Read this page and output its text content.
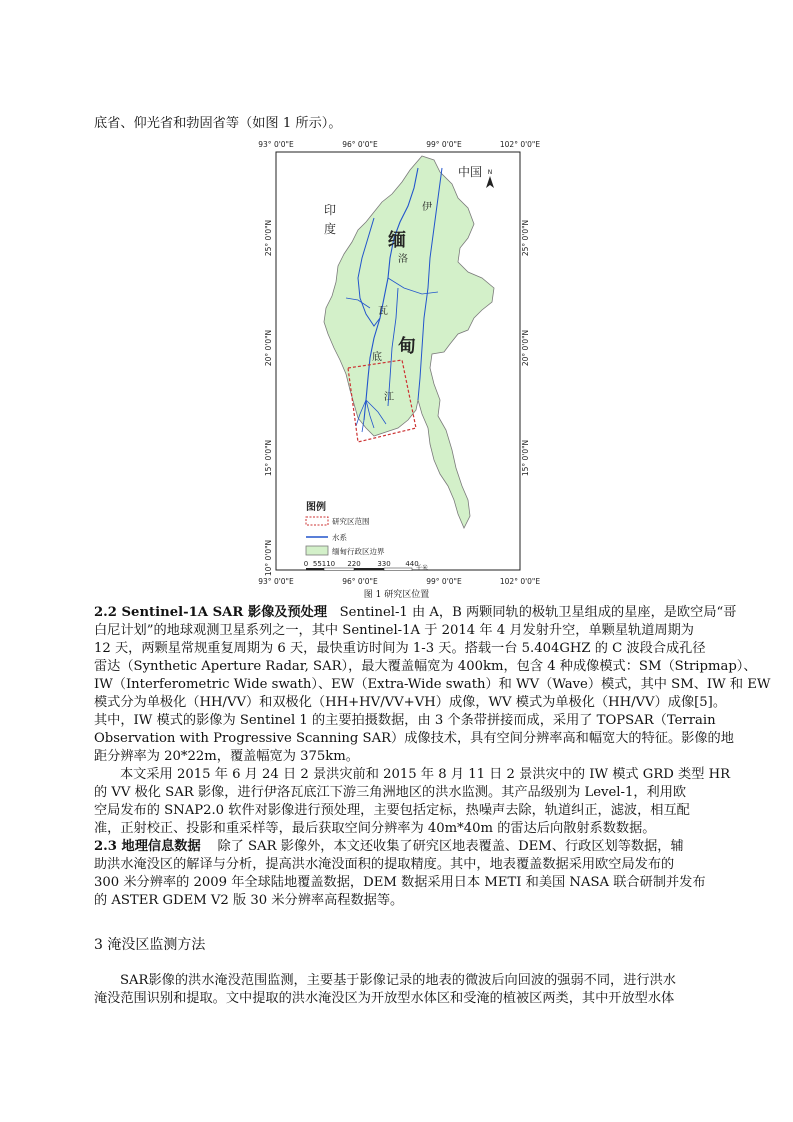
底省、仰光省和勃固省等（如图 1 所示）。
93° 0'0"E	96° 0'0"E	99° 0'0"E	102° 0'0"E
93° 0'0"E	96° 0'0"E	99° 0'0"E	102° 0'0"E
25° 0'0"N
20° 0'0"N
15° 0'0"N
10° 0'0"N
25° 0'0"N
20° 0'0"N
15° 0'0"N
中国
印
度
缅
甸
伊
洛
瓦
底
江
N
图例
研究区范围
水系
缅甸行政区边界
0 55110 220 330 440
千米
图 1 研究区位置
2.2 Sentinel-1A SAR 影像及预处理 Sentinel-1 由 A，B 两颗同轨的极轨卫星组成的星座，是欧空局“哥
白尼计划”的地球观测卫星系列之一，其中 Sentinel-1A 于 2014 年 4 月发射升空，单颗星轨道周期为
12 天，两颗星常规重复周期为 6 天，最快重访时间为 1-3 天。搭载一台 5.404GHZ 的 C 波段合成孔径
雷达（Synthetic Aperture Radar, SAR），最大覆盖幅宽为 400km，包含 4 种成像模式：SM（Stripmap）、
IW（Interferometric Wide swath）、EW（Extra-Wide swath）和 WV（Wave）模式，其中 SM、IW 和 EW
模式分为单极化（HH/VV）和双极化（HH+HV/VV+VH）成像，WV 模式为单极化（HH/VV）成像[5]。
其中，IW 模式的影像为 Sentinel 1 的主要拍摄数据，由 3 个条带拼接而成，采用了 TOPSAR（Terrain
Observation with Progressive Scanning SAR）成像技术，具有空间分辨率高和幅宽大的特征。影像的地
距分辨率为 20*22m，覆盖幅宽为 375km。
本文采用 2015 年 6 月 24 日 2 景洪灾前和 2015 年 8 月 11 日 2 景洪灾中的 IW 模式 GRD 类型 HR
的 VV 极化 SAR 影像，进行伊洛瓦底江下游三角洲地区的洪水监测。其产品级别为 Level-1，利用欧
空局发布的 SNAP2.0 软件对影像进行预处理，主要包括定标，热噪声去除，轨道纠正，滤波，相互配
准，正射校正、投影和重采样等，最后获取空间分辨率为 40m*40m 的雷达后向散射系数数据。
2.3 地理信息数据 除了 SAR 影像外，本文还收集了研究区地表覆盖、DEM、行政区划等数据，辅
助洪水淹没区的解译与分析，提高洪水淹没面积的提取精度。其中，地表覆盖数据采用欧空局发布的
300 米分辨率的 2009 年全球陆地覆盖数据，DEM 数据采用日本 METI 和美国 NASA 联合研制并发布
的 ASTER GDEM V2 版 30 米分辨率高程数据等。
3 淹没区监测方法
SAR影像的洪水淹没范围监测，主要基于影像记录的地表的微波后向回波的强弱不同，进行洪水
淹没范围识别和提取。文中提取的洪水淹没区为开放型水体区和受淹的植被区两类，其中开放型水体
